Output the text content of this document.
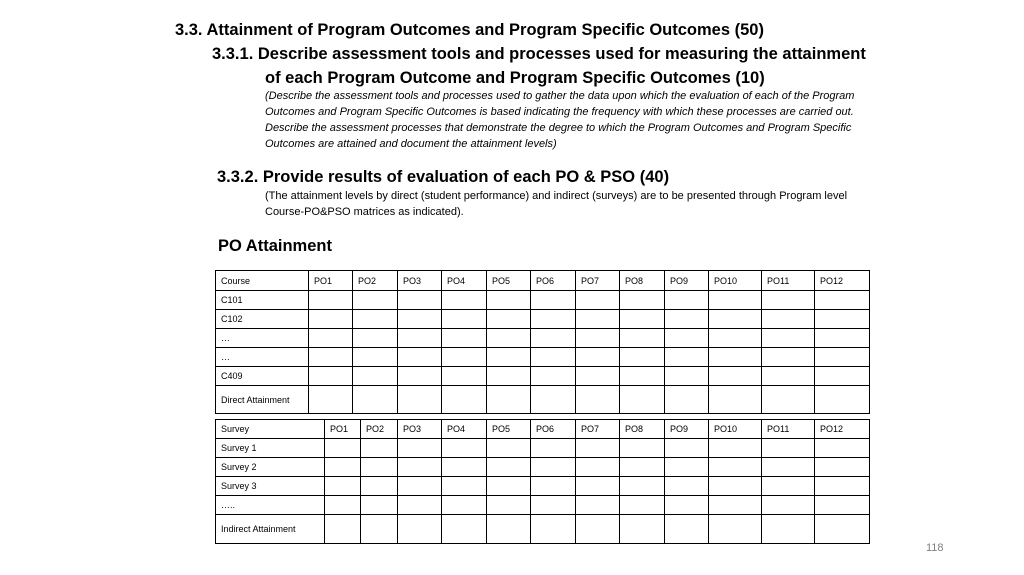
3.3. Attainment of Program Outcomes and Program Specific Outcomes (50)
3.3.1. Describe assessment tools and processes used for measuring the attainment
of each Program Outcome and Program Specific Outcomes (10)
(Describe the assessment tools and processes used to gather the data upon which the evaluation of each of the Program Outcomes and Program Specific Outcomes is based indicating the frequency with which these processes are carried out. Describe the assessment processes that demonstrate the degree to which the Program Outcomes and Program Specific Outcomes are attained and document the attainment levels)
3.3.2. Provide results of evaluation of each PO & PSO (40)
(The attainment levels by direct (student performance) and indirect (surveys) are to be presented through Program level Course-PO&PSO matrices as indicated).
PO Attainment
Course	PO1	PO2	PO3	PO4	PO5	PO6	PO7	PO8	PO9	PO10	PO11	PO12
C101												
C102												
…												
…												
C409												
Direct Attainment												
Survey	PO1	PO2	PO3	PO4	PO5	PO6	PO7	PO8	PO9	PO10	PO11	PO12
Survey 1												
Survey 2												
Survey 3												
…..												
Indirect Attainment												
118
